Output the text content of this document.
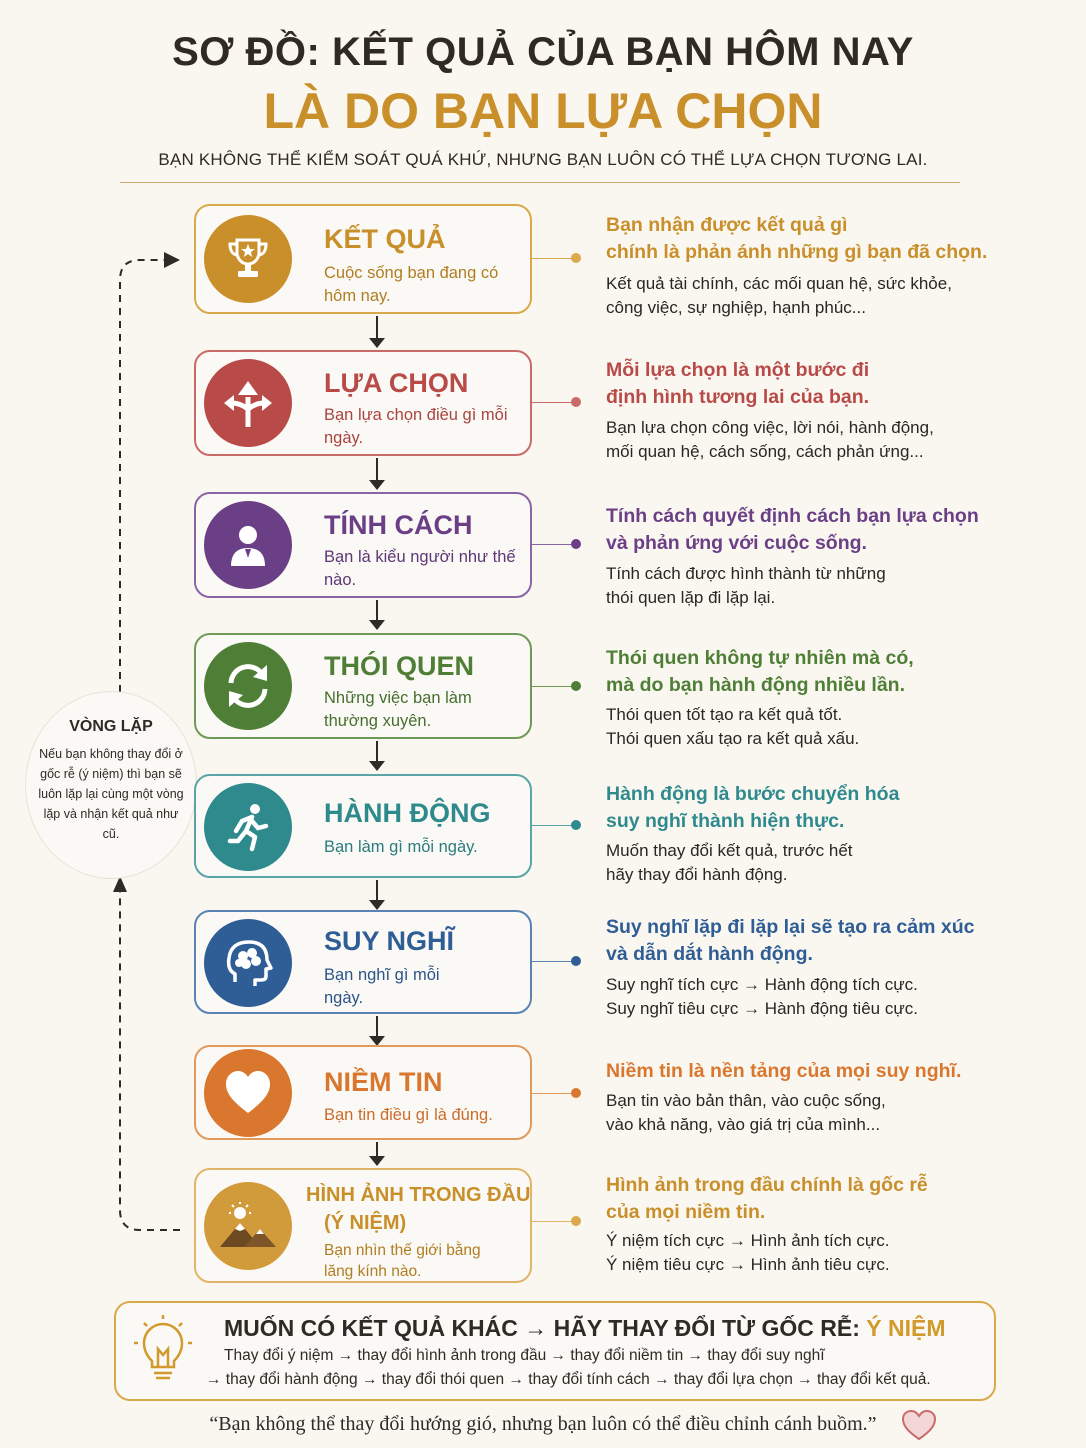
SƠ ĐỒ: KẾT QUẢ CỦA BẠN HÔM NAY
LÀ DO BẠN LỰA CHỌN
BẠN KHÔNG THỂ KIỂM SOÁT QUÁ KHỨ, NHƯNG BẠN LUÔN CÓ THỂ LỰA CHỌN TƯƠNG LAI.
VÒNG LẶP
Nếu bạn không thay đổi ở gốc rễ (ý niệm) thì bạn sẽ luôn lặp lại cùng một vòng lặp và nhận kết quả như cũ.
KẾT QUẢ
Cuộc sống bạn đang có hôm nay.
Bạn nhận được kết quả gì
chính là phản ánh những gì bạn đã chọn.
Kết quả tài chính, các mối quan hệ, sức khỏe,
công việc, sự nghiệp, hạnh phúc...
LỰA CHỌN
Bạn lựa chọn điều gì mỗi ngày.
Mỗi lựa chọn là một bước đi
định hình tương lai của bạn.
Bạn lựa chọn công việc, lời nói, hành động,
mối quan hệ, cách sống, cách phản ứng...
TÍNH CÁCH
Bạn là kiểu người như thế nào.
Tính cách quyết định cách bạn lựa chọn
và phản ứng với cuộc sống.
Tính cách được hình thành từ những
thói quen lặp đi lặp lại.
THÓI QUEN
Những việc bạn làm thường xuyên.
Thói quen không tự nhiên mà có,
mà do bạn hành động nhiều lần.
Thói quen tốt tạo ra kết quả tốt.
Thói quen xấu tạo ra kết quả xấu.
HÀNH ĐỘNG
Bạn làm gì mỗi ngày.
Hành động là bước chuyển hóa
suy nghĩ thành hiện thực.
Muốn thay đổi kết quả, trước hết
hãy thay đổi hành động.
SUY NGHĨ
Bạn nghĩ gì mỗi ngày.
Suy nghĩ lặp đi lặp lại sẽ tạo ra cảm xúc
và dẫn dắt hành động.
Suy nghĩ tích cực → Hành động tích cực.
Suy nghĩ tiêu cực → Hành động tiêu cực.
NIỀM TIN
Bạn tin điều gì là đúng.
Niềm tin là nền tảng của mọi suy nghĩ.
Bạn tin vào bản thân, vào cuộc sống,
vào khả năng, vào giá trị của mình...
HÌNH ẢNH TRONG ĐẦU
(Ý NIỆM)
Bạn nhìn thế giới bằng lăng kính nào.
Hình ảnh trong đầu chính là gốc rễ
của mọi niềm tin.
Ý niệm tích cực → Hình ảnh tích cực.
Ý niệm tiêu cực → Hình ảnh tiêu cực.
MUỐN CÓ KẾT QUẢ KHÁC → HÃY THAY ĐỔI TỪ GỐC RỄ: Ý NIỆM
Thay đổi ý niệm → thay đổi hình ảnh trong đầu → thay đổi niềm tin → thay đổi suy nghĩ
→ thay đổi hành động → thay đổi thói quen → thay đổi tính cách → thay đổi lựa chọn → thay đổi kết quả.
“Bạn không thể thay đổi hướng gió, nhưng bạn luôn có thể điều chỉnh cánh buồm.”
